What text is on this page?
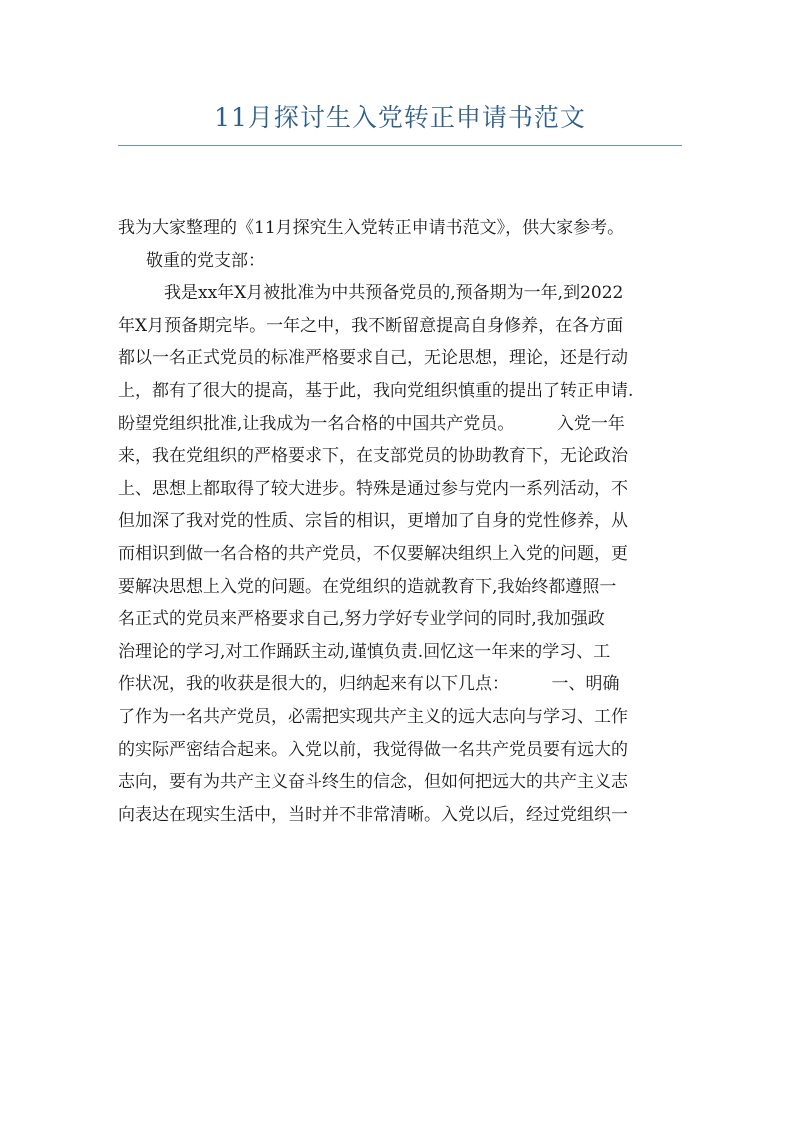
11月探讨生入党转正申请书范文

我为大家整理的《11月探究生入党转正申请书范文》，供大家参考。

敬重的党支部：

我是xx年X月被批准为中共预备党员的,预备期为一年,到2022

年X月预备期完毕。一年之中，我不断留意提高自身修养，在各方面

都以一名正式党员的标准严格要求自己，无论思想，理论，还是行动

上，都有了很大的提高，基于此，我向党组织慎重的提出了转正申请.

盼望党组织批准,让我成为一名合格的中国共产党员。　　　入党一年

来，我在党组织的严格要求下，在支部党员的协助教育下，无论政治

上、思想上都取得了较大进步。特殊是通过参与党内一系列活动，不

但加深了我对党的性质、宗旨的相识，更增加了自身的党性修养，从

而相识到做一名合格的共产党员，不仅要解决组织上入党的问题，更

要解决思想上入党的问题。在党组织的造就教育下,我始终都遵照一

名正式的党员来严格要求自己,努力学好专业学问的同时,我加强政

治理论的学习,对工作踊跃主动,谨慎负责.回忆这一年来的学习、工

作状况，我的收获是很大的，归纳起来有以下几点：　　　一、明确

了作为一名共产党员，必需把实现共产主义的远大志向与学习、工作

的实际严密结合起来。入党以前，我觉得做一名共产党员要有远大的

志向，要有为共产主义奋斗终生的信念，但如何把远大的共产主义志

向表达在现实生活中，当时并不非常清晰。入党以后，经过党组织一
